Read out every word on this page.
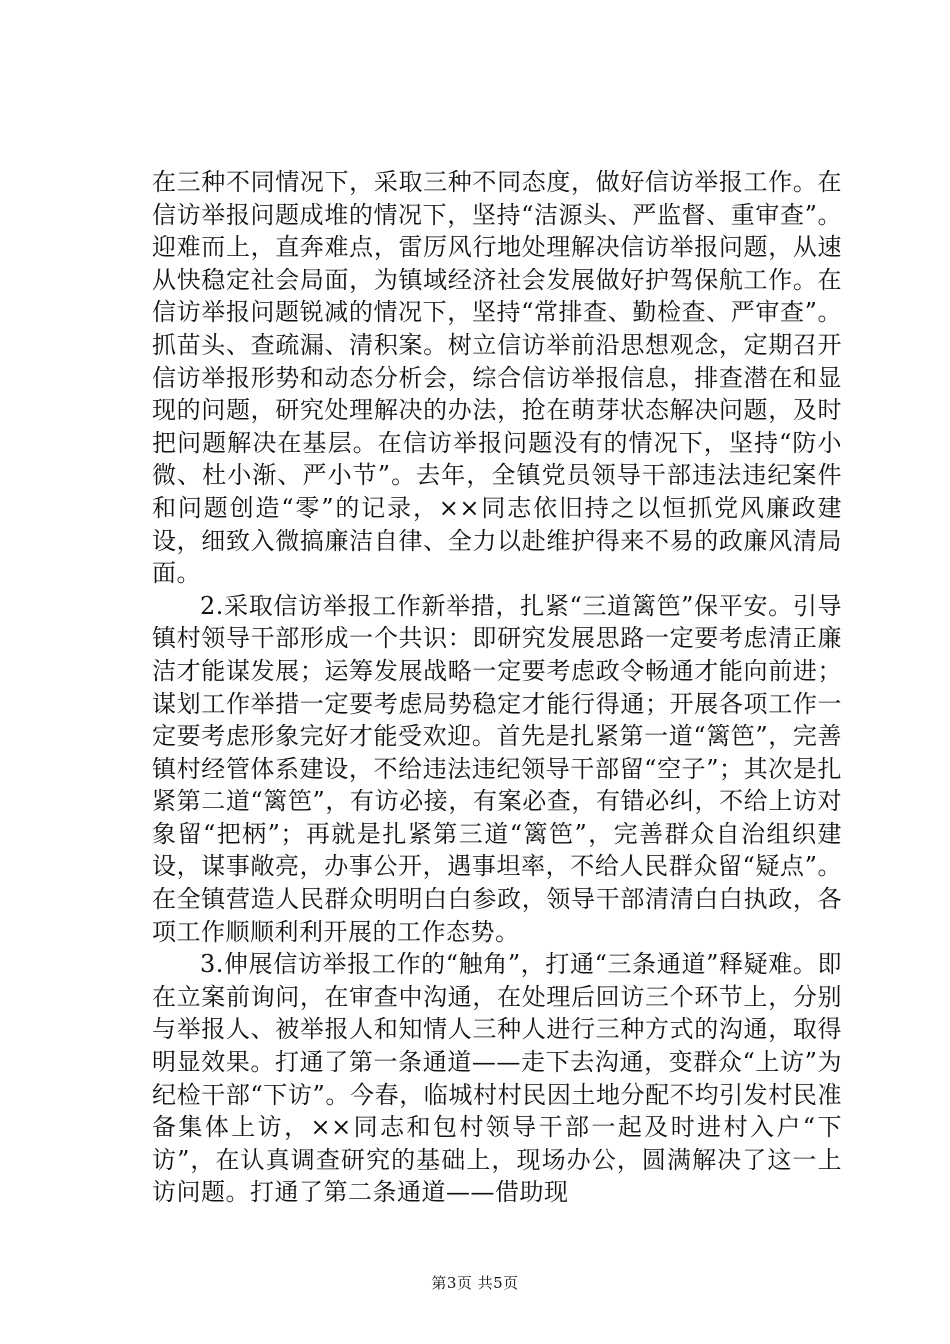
在三种不同情况下，采取三种不同态度，做好信访举报工作。在信访举报问题成堆的情况下，坚持“洁源头、严监督、重审查”。迎难而上，直奔难点，雷厉风行地处理解决信访举报问题，从速从快稳定社会局面，为镇域经济社会发展做好护驾保航工作。在信访举报问题锐减的情况下，坚持“常排查、勤检查、严审查”。抓苗头、查疏漏、清积案。树立信访举前沿思想观念，定期召开信访举报形势和动态分析会，综合信访举报信息，排查潜在和显现的问题，研究处理解决的办法，抢在萌芽状态解决问题，及时把问题解决在基层。在信访举报问题没有的情况下，坚持“防小微、杜小渐、严小节”。去年，全镇党员领导干部违法违纪案件和问题创造“零”的记录，××同志依旧持之以恒抓党风廉政建设，细致入微搞廉洁自律、全力以赴维护得来不易的政廉风清局面。

2.采取信访举报工作新举措，扎紧“三道篱笆”保平安。引导镇村领导干部形成一个共识：即研究发展思路一定要考虑清正廉洁才能谋发展；运筹发展战略一定要考虑政令畅通才能向前进；谋划工作举措一定要考虑局势稳定才能行得通；开展各项工作一定要考虑形象完好才能受欢迎。首先是扎紧第一道“篱笆”，完善镇村经管体系建设，不给违法违纪领导干部留“空子”；其次是扎紧第二道“篱笆”，有访必接，有案必查，有错必纠，不给上访对象留“把柄”；再就是扎紧第三道“篱笆”，完善群众自治组织建设，谋事敞亮，办事公开，遇事坦率，不给人民群众留“疑点”。在全镇营造人民群众明明白白参政，领导干部清清白白执政，各项工作顺顺利利开展的工作态势。

3.伸展信访举报工作的“触角”，打通“三条通道”释疑难。即在立案前询问，在审查中沟通，在处理后回访三个环节上，分别与举报人、被举报人和知情人三种人进行三种方式的沟通，取得明显效果。打通了第一条通道——走下去沟通，变群众“上访”为纪检干部“下访”。今春，临城村村民因土地分配不均引发村民准备集体上访，××同志和包村领导干部一起及时进村入户“下访”，在认真调查研究的基础上，现场办公，圆满解决了这一上访问题。打通了第二条通道——借助现

第3页 共5页
